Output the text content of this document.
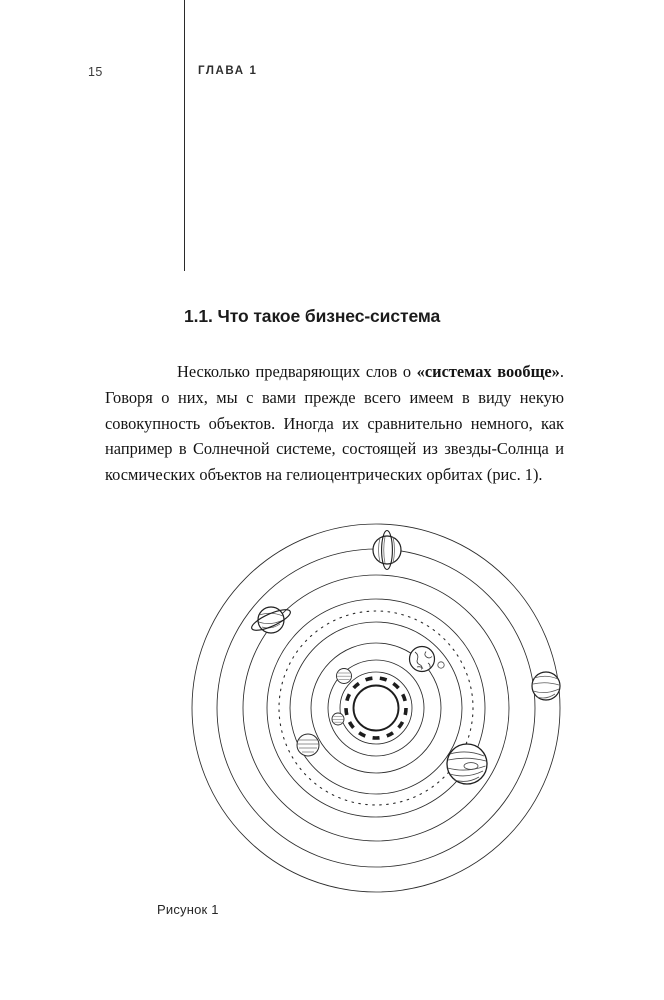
15	ГЛАВА 1
1.1. Что такое бизнес-система

Несколько предваряющих слов о «системах вообще». Говоря о них, мы с вами прежде всего имеем в виду некую совокупность объектов. Иногда их сравнительно немного, как например в Солнечной системе, состоящей из звезды-Солнца и космических объектов на гелиоцентрических орбитах (рис. 1).

Рисунок 1
